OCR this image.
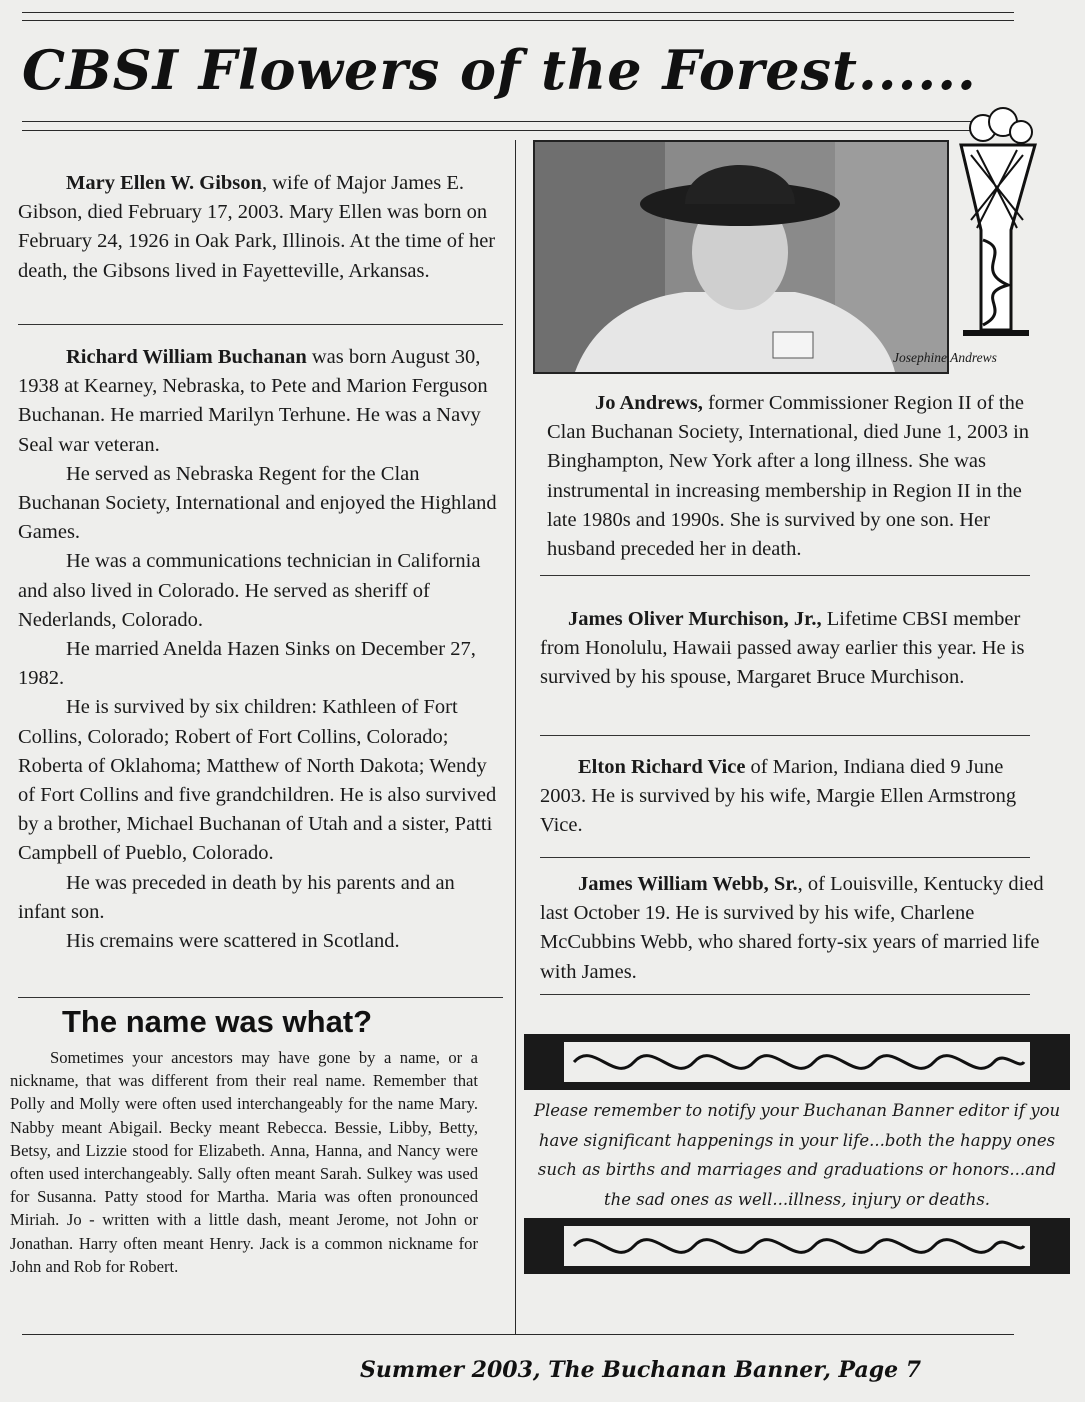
CBSI Flowers of the Forest......

Mary Ellen W. Gibson, wife of Major James E. Gibson, died February 17, 2003. Mary Ellen was born on February 24, 1926 in Oak Park, Illinois. At the time of her death, the Gibsons lived in Fayetteville, Arkansas.

Richard William Buchanan was born August 30, 1938 at Kearney, Nebraska, to Pete and Marion Ferguson Buchanan. He married Marilyn Terhune. He was a Navy Seal war veteran.

He served as Nebraska Regent for the Clan Buchanan Society, International and enjoyed the Highland Games.

He was a communications technician in California and also lived in Colorado. He served as sheriff of Nederlands, Colorado.

He married Anelda Hazen Sinks on December 27, 1982.

He is survived by six children: Kathleen of Fort Collins, Colorado; Robert of Fort Collins, Colorado; Roberta of Oklahoma; Matthew of North Dakota; Wendy of Fort Collins and five grandchildren. He is also survived by a brother, Michael Buchanan of Utah and a sister, Patti Campbell of Pueblo, Colorado.

He was preceded in death by his parents and an infant son.

His cremains were scattered in Scotland.

The name was what?

Sometimes your ancestors may have gone by a name, or a nickname, that was different from their real name. Remember that Polly and Molly were often used interchangeably for the name Mary. Nabby meant Abigail. Becky meant Rebecca. Bessie, Libby, Betty, Betsy, and Lizzie stood for Elizabeth. Anna, Hanna, and Nancy were often used interchangeably. Sally often meant Sarah. Sulkey was used for Susanna. Patty stood for Martha. Maria was often pronounced Miriah. Jo - written with a little dash, meant Jerome, not John or Jonathan. Harry often meant Henry. Jack is a common nickname for John and Rob for Robert.

Josephine Andrews

Jo Andrews, former Commissioner Region II of the Clan Buchanan Society, International, died June 1, 2003 in Binghampton, New York after a long illness. She was instrumental in increasing membership in Region II in the late 1980s and 1990s. She is survived by one son. Her husband preceded her in death.

James Oliver Murchison, Jr., Lifetime CBSI member from Honolulu, Hawaii passed away earlier this year. He is survived by his spouse, Margaret Bruce Murchison.

Elton Richard Vice of Marion, Indiana died 9 June 2003. He is survived by his wife, Margie Ellen Armstrong Vice.

James William Webb, Sr., of Louisville, Kentucky died last October 19. He is survived by his wife, Charlene McCubbins Webb, who shared forty-six years of married life with James.

Please remember to notify your Buchanan Banner editor if you have significant happenings in your life...both the happy ones such as births and marriages and graduations or honors...and the sad ones as well...illness, injury or deaths.
Summer 2003, The Buchanan Banner, Page 7
